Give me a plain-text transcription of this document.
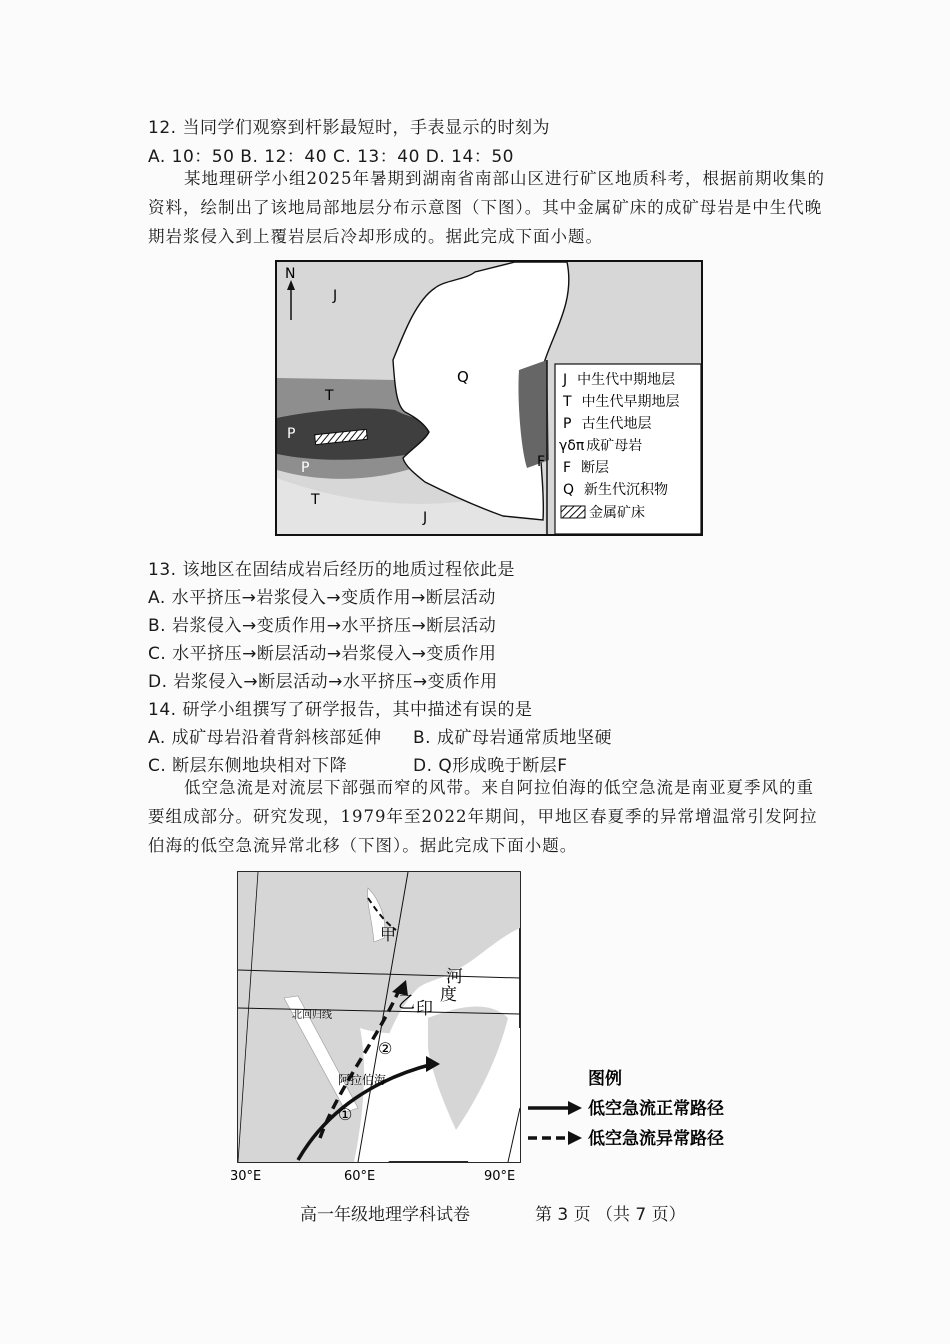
12. 当同学们观察到杆影最短时，手表显示的时刻为
A. 10：50 B. 12：40 C. 13：40 D. 14：50
某地理研学小组2025年暑期到湖南省南部山区进行矿区地质科考，根据前期收集的资料，绘制出了该地局部地层分布示意图（下图）。其中金属矿床的成矿母岩是中生代晚期岩浆侵入到上覆岩层后冷却形成的。据此完成下面小题。
N
J
Q
T
P
P
T
J
F
J 中生代中期地层
T 中生代早期地层
P 古生代地层
γδπ 成矿母岩
F 断层
Q 新生代沉积物
金属矿床
13. 该地区在固结成岩后经历的地质过程依此是
A. 水平挤压→岩浆侵入→变质作用→断层活动
B. 岩浆侵入→变质作用→水平挤压→断层活动
C. 水平挤压→断层活动→岩浆侵入→变质作用
D. 岩浆侵入→断层活动→水平挤压→变质作用
14. 研学小组撰写了研学报告，其中描述有误的是
A. 成矿母岩沿着背斜核部延伸 B. 成矿母岩通常质地坚硬
C. 断层东侧地块相对下降	D. Q形成晚于断层F
低空急流是对流层下部强而窄的风带。来自阿拉伯海的低空急流是南亚夏季风的重要组成部分。研究发现，1979年至2022年期间，甲地区春夏季的异常增温常引发阿拉伯海的低空急流异常北移（下图）。据此完成下面小题。
甲
河
度
乙 印
北回归线
阿拉伯海
①
②
30°E	60°E	90°E
图例
低空急流正常路径
低空急流异常路径
高一年级地理学科试卷	第 3 页 （共 7 页）
